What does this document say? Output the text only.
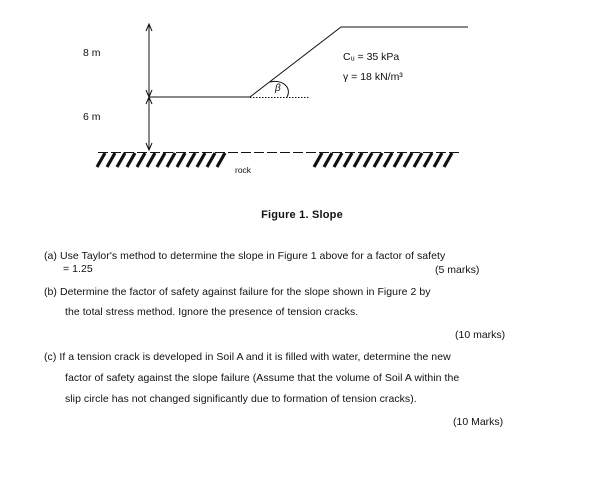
8 m
6 m
Cᵤ = 35 kPa
γ = 18 kN/m³
β
rock
Figure 1. Slope
(a) Use Taylor's method to determine the slope in Figure 1 above for a factor of safety
= 1.25	(5 marks)
(b) Determine the factor of safety against failure for the slope shown in Figure 2 by
the total stress method. Ignore the presence of tension cracks.
(10 marks)
(c) If a tension crack is developed in Soil A and it is filled with water, determine the new
factor of safety against the slope failure (Assume that the volume of Soil A within the
slip circle has not changed significantly due to formation of tension cracks).
(10 Marks)
